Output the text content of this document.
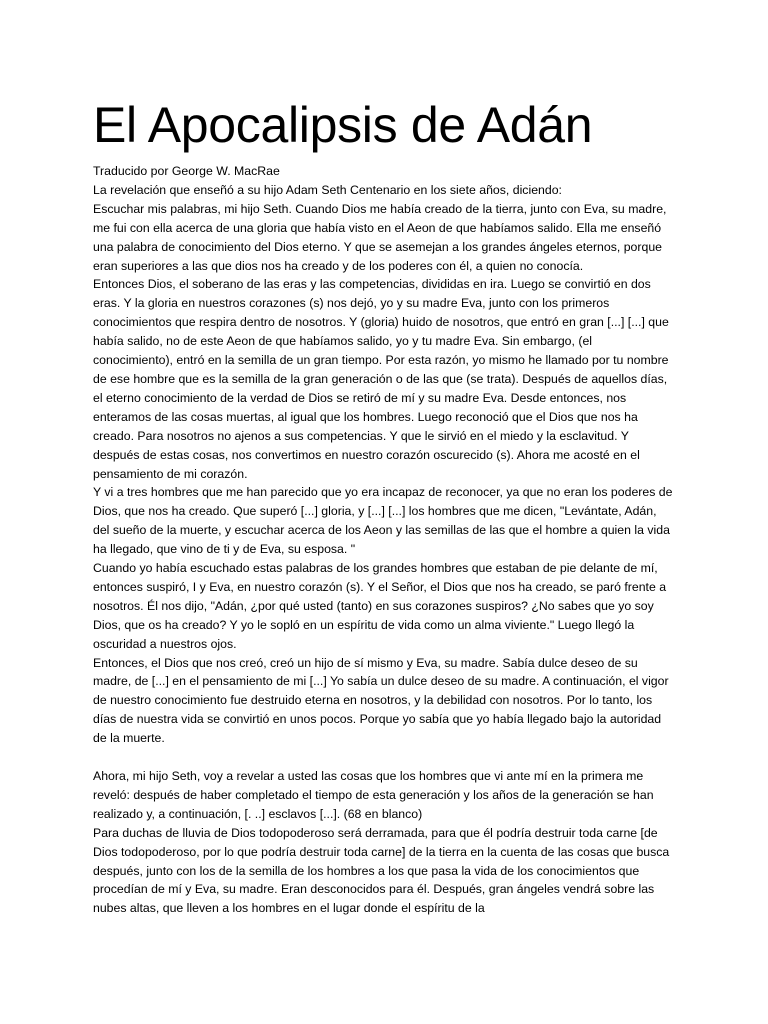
El Apocalipsis de Adán

Traducido por George W. MacRae

La revelación que enseñó a su hijo Adam Seth Centenario en los siete años, diciendo:

Escuchar mis palabras, mi hijo Seth. Cuando Dios me había creado de la tierra, junto con Eva, su madre, me fui con ella acerca de una gloria que había visto en el Aeon de que habíamos salido. Ella me enseñó una palabra de conocimiento del Dios eterno. Y que se asemejan a los grandes ángeles eternos, porque eran superiores a las que dios nos ha creado y de los poderes con él, a quien no conocía.

Entonces Dios, el soberano de las eras y las competencias, divididas en ira. Luego se convirtió en dos eras. Y la gloria en nuestros corazones (s) nos dejó, yo y su madre Eva, junto con los primeros conocimientos que respira dentro de nosotros. Y (gloria) huido de nosotros, que entró en gran [...] [...] que había salido, no de este Aeon de que habíamos salido, yo y tu madre Eva. Sin embargo, (el conocimiento), entró en la semilla de un gran tiempo. Por esta razón, yo mismo he llamado por tu nombre de ese hombre que es la semilla de la gran generación o de las que (se trata). Después de aquellos días, el eterno conocimiento de la verdad de Dios se retiró de mí y su madre Eva. Desde entonces, nos enteramos de las cosas muertas, al igual que los hombres. Luego reconoció que el Dios que nos ha creado. Para nosotros no ajenos a sus competencias. Y que le sirvió en el miedo y la esclavitud. Y después de estas cosas, nos convertimos en nuestro corazón oscurecido (s). Ahora me acosté en el pensamiento de mi corazón.

Y vi a tres hombres que me han parecido que yo era incapaz de reconocer, ya que no eran los poderes de Dios, que nos ha creado. Que superó [...] gloria, y [...] [...] los hombres que me dicen, "Levántate, Adán, del sueño de la muerte, y escuchar acerca de los Aeon y las semillas de las que el hombre a quien la vida ha llegado, que vino de ti y de Eva, su esposa. "

Cuando yo había escuchado estas palabras de los grandes hombres que estaban de pie delante de mí, entonces suspiró, I y Eva, en nuestro corazón (s). Y el Señor, el Dios que nos ha creado, se paró frente a nosotros. Él nos dijo, "Adán, ¿por qué usted (tanto) en sus corazones suspiros? ¿No sabes que yo soy Dios, que os ha creado? Y yo le sopló en un espíritu de vida como un alma viviente." Luego llegó la oscuridad a nuestros ojos.

Entonces, el Dios que nos creó, creó un hijo de sí mismo y Eva, su madre. Sabía dulce deseo de su madre, de [...] en el pensamiento de mi [...] Yo sabía un dulce deseo de su madre. A continuación, el vigor de nuestro conocimiento fue destruido eterna en nosotros, y la debilidad con nosotros. Por lo tanto, los días de nuestra vida se convirtió en unos pocos. Porque yo sabía que yo había llegado bajo la autoridad de la muerte.

Ahora, mi hijo Seth, voy a revelar a usted las cosas que los hombres que vi ante mí en la primera me reveló: después de haber completado el tiempo de esta generación y los años de la generación se han realizado y, a continuación, [. ..] esclavos [...]. (68 en blanco)

Para duchas de lluvia de Dios todopoderoso será derramada, para que él podría destruir toda carne [de Dios todopoderoso, por lo que podría destruir toda carne] de la tierra en la cuenta de las cosas que busca después, junto con los de la semilla de los hombres a los que pasa la vida de los conocimientos que procedían de mí y Eva, su madre. Eran desconocidos para él. Después, gran ángeles vendrá sobre las nubes altas, que lleven a los hombres en el lugar donde el espíritu de la
